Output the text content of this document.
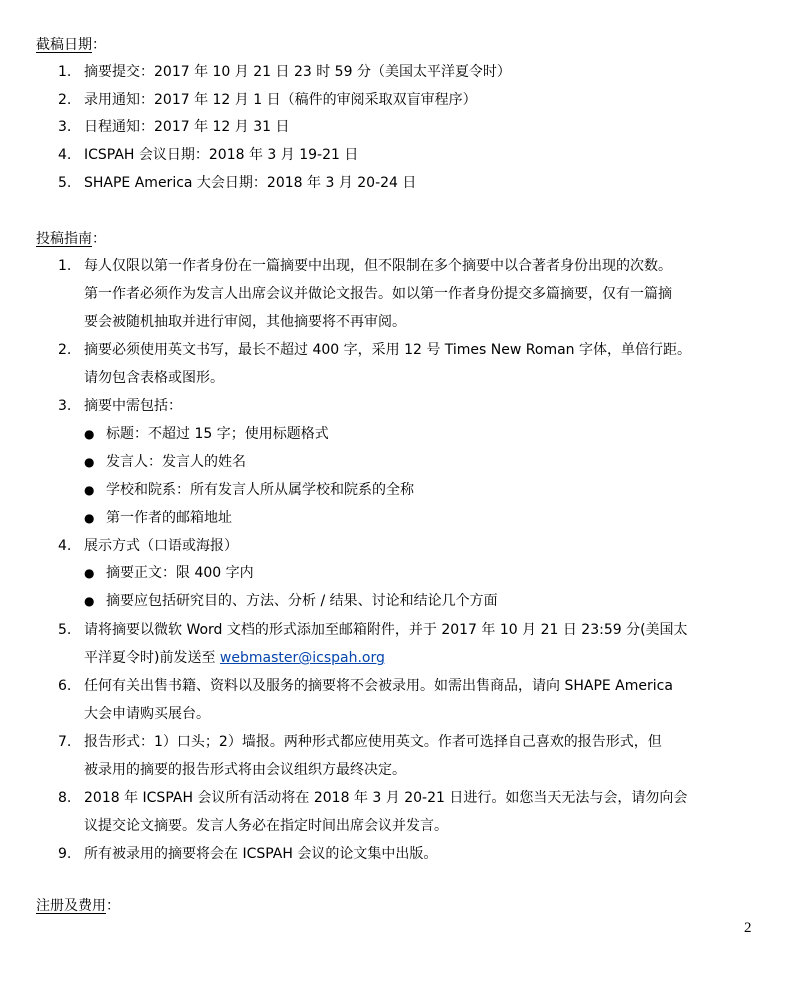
截稿日期：
1. 摘要提交：2017 年 10 月 21 日 23 时 59 分（美国太平洋夏令时）
2. 录用通知：2017 年 12 月 1 日（稿件的审阅采取双盲审程序）
3. 日程通知：2017 年 12 月 31 日
4. ICSPAH 会议日期：2018 年 3 月 19-21 日
5. SHAPE America 大会日期：2018 年 3 月 20-24 日
投稿指南：
1. 每人仅限以第一作者身份在一篇摘要中出现，但不限制在多个摘要中以合著者身份出现的次数。
第一作者必须作为发言人出席会议并做论文报告。如以第一作者身份提交多篇摘要，仅有一篇摘
要会被随机抽取并进行审阅，其他摘要将不再审阅。
2. 摘要必须使用英文书写，最长不超过 400 字，采用 12 号 Times New Roman 字体，单倍行距。
请勿包含表格或图形。
3. 摘要中需包括：
● 标题：不超过 15 字；使用标题格式
● 发言人：发言人的姓名
● 学校和院系：所有发言人所从属学校和院系的全称
● 第一作者的邮箱地址
4. 展示方式（口语或海报）
● 摘要正文：限 400 字内
● 摘要应包括研究目的、方法、分析 / 结果、讨论和结论几个方面
5. 请将摘要以微软 Word 文档的形式添加至邮箱附件，并于 2017 年 10 月 21 日 23:59 分(美国太
平洋夏令时)前发送至 webmaster@icspah.org
6. 任何有关出售书籍、资料以及服务的摘要将不会被录用。如需出售商品，请向 SHAPE America
大会申请购买展台。
7. 报告形式：1）口头；2）墙报。两种形式都应使用英文。作者可选择自己喜欢的报告形式，但
被录用的摘要的报告形式将由会议组织方最终决定。
8. 2018 年 ICSPAH 会议所有活动将在 2018 年 3 月 20-21 日进行。如您当天无法与会，请勿向会
议提交论文摘要。发言人务必在指定时间出席会议并发言。
9. 所有被录用的摘要将会在 ICSPAH 会议的论文集中出版。
注册及费用：
2
